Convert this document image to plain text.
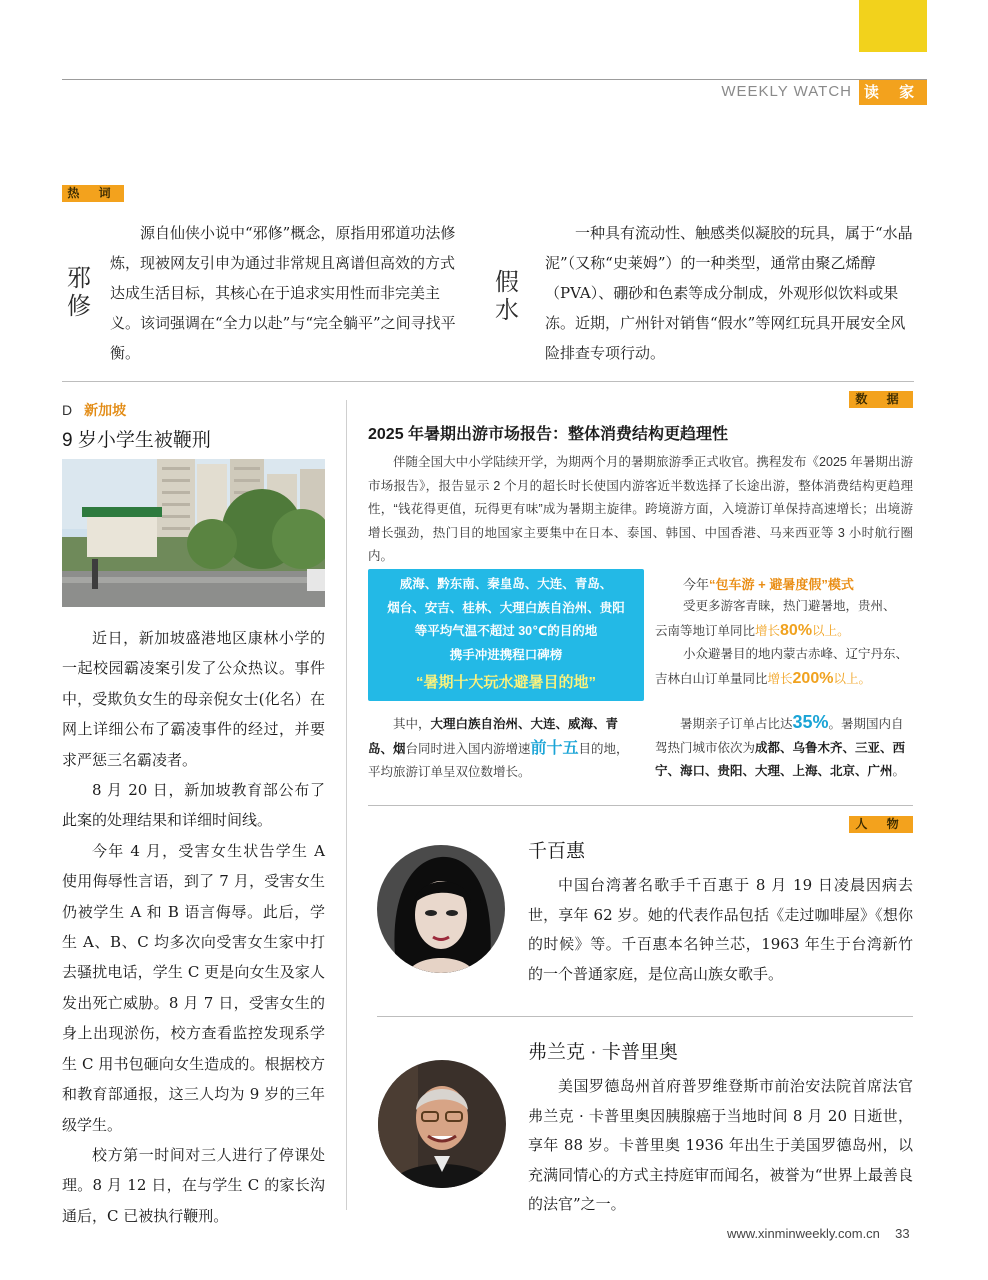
WEEKLY WATCH 读 家
热 词
邪
修
源自仙侠小说中“邪修”概念，原指用邪道功法修炼，现被网友引申为通过非常规且离谱但高效的方式达成生活目标，其核心在于追求实用性而非完美主义。该词强调在“全力以赴”与“完全躺平”之间寻找平衡。
假
水
一种具有流动性、触感类似凝胶的玩具，属于“水晶泥”（又称“史莱姆”）的一种类型，通常由聚乙烯醇（PVA）、硼砂和色素等成分制成，外观形似饮料或果冻。近期，广州针对销售“假水”等网红玩具开展安全风险排查专项行动。
D 新加坡
9 岁小学生被鞭刑

近日，新加坡盛港地区康林小学的一起校园霸凌案引发了公众热议。事件中，受欺负女生的母亲倪女士(化名）在网上详细公布了霸凌事件的经过，并要求严惩三名霸凌者。

8 月 20 日，新加坡教育部公布了此案的处理结果和详细时间线。

今年 4 月，受害女生状告学生 A 使用侮辱性言语，到了 7 月，受害女生仍被学生 A 和 B 语言侮辱。此后，学生 A、B、C 均多次向受害女生家中打去骚扰电话，学生 C 更是向女生及家人发出死亡威胁。8 月 7 日，受害女生的身上出现淤伤，校方查看监控发现系学生 C 用书包砸向女生造成的。根据校方和教育部通报，这三人均为 9 岁的三年级学生。

校方第一时间对三人进行了停课处理。8 月 12 日，在与学生 C 的家长沟通后，C 已被执行鞭刑。

数 据
2025 年暑期出游市场报告：整体消费结构更趋理性
伴随全国大中小学陆续开学，为期两个月的暑期旅游季正式收官。携程发布《2025 年暑期出游市场报告》，报告显示 2 个月的超长时长使国内游客近半数选择了长途出游，整体消费结构更趋理性，“钱花得更值，玩得更有味”成为暑期主旋律。跨境游方面，入境游订单保持高速增长；出境游增长强劲，热门目的地国家主要集中在日本、泰国、韩国、中国香港、马来西亚等 3 小时航行圈内。
威海、黔东南、秦皇岛、大连、青岛、
烟台、安吉、桂林、大理白族自治州、贵阳
等平均气温不超过 30℃的目的地
携手冲进携程口碑榜
“暑期十大玩水避暑目的地”
其中，大理白族自治州、大连、威海、青岛、烟台同时进入国内游增速前十五目的地，平均旅游订单呈双位数增长。
今年“包车游 + 避暑度假”模式
受更多游客青睐，热门避暑地，贵州、
云南等地订单同比增长80%以上。
小众避暑目的地内蒙古赤峰、辽宁丹东、
吉林白山订单量同比增长200%以上。
暑期亲子订单占比达35%。暑期国内自驾热门城市依次为成都、乌鲁木齐、三亚、西宁、海口、贵阳、大理、上海、北京、广州。
人 物
千百惠
中国台湾著名歌手千百惠于 8 月 19 日凌晨因病去世，享年 62 岁。她的代表作品包括《走过咖啡屋》《想你的时候》等。千百惠本名钟兰芯，1963 年生于台湾新竹的一个普通家庭，是位高山族女歌手。
弗兰克 · 卡普里奥
美国罗德岛州首府普罗维登斯市前治安法院首席法官弗兰克 · 卡普里奥因胰腺癌于当地时间 8 月 20 日逝世，享年 88 岁。卡普里奥 1936 年出生于美国罗德岛州，以充满同情心的方式主持庭审而闻名，被誉为“世界上最善良的法官”之一。
www.xinminweekly.com.cn 33
